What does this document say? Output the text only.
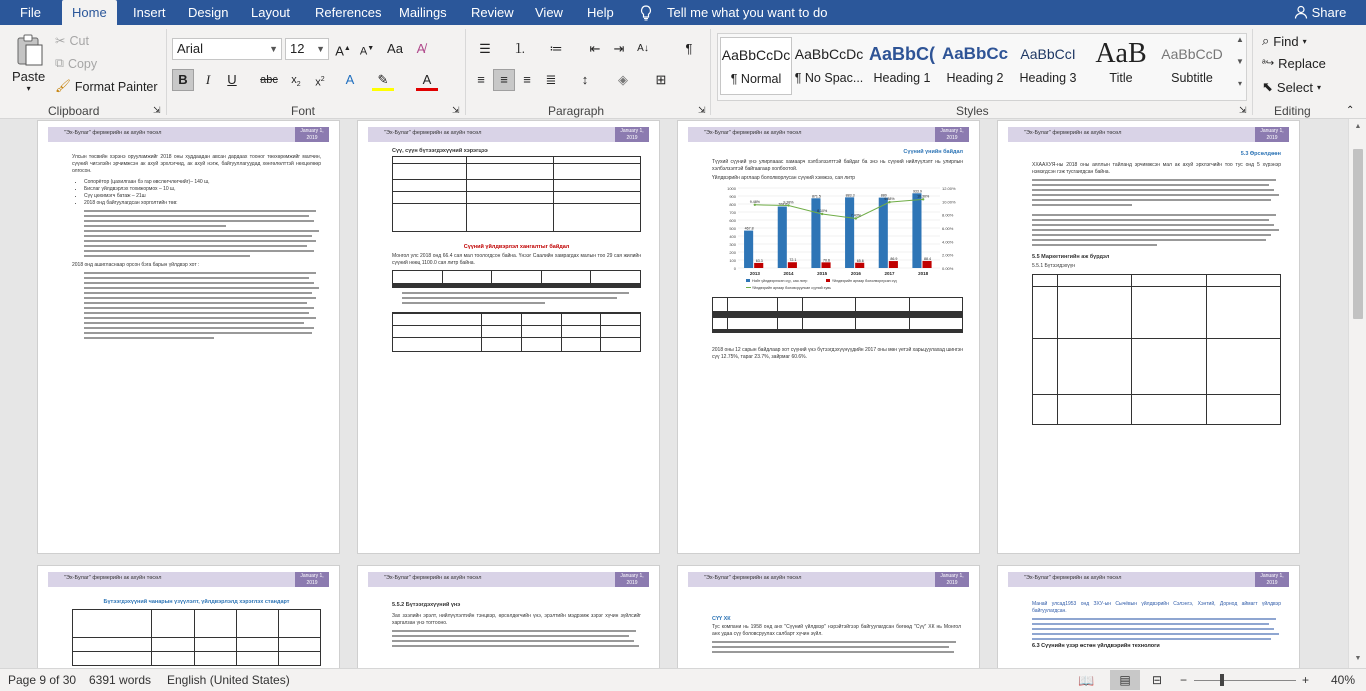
File	Home	Insert Design Layout References Mailings Review View Help	Tell me what you want to do	Share
Paste
▾
✂ Cut
⧉ Copy
🖌 Format Painter
Clipboard	⇲
Arial	▼ 12 ▼ A▲ A▼ Aa	A̸
B	I	U	abc	$x_2$	$x^2$	A	✎	A
Font	⇲
☰	⒈	≔	⇤	⇥	A↓	¶
≡	≡	≡	≣	↕	◈	⊞
Paragraph	⇲
AaBbCcDc
¶ Normal
AaBbCcDc
¶ No Spac...
AaBbC(
Heading 1
AaBbCc
Heading 2
AaBbCcI
Heading 3
AaB
Title
AaBbCcD
Subtitle
▲
▼
▾
Styles	⇲
⌕ Find ▾
ᵃ↪ Replace
⬉ Select ▾
Editing	⌃
"Эх-Булаг" фермерийн ак ахуйн төсөл	January 1, 2019
Улсын төсвийн хэрэнэ орууламжийг 2018 оны худдаадан авсан дардаах тооног төөхөрөмжийг малчин, сүүний чигэлэйн эрчимжсэн ак ахуй эрхлэгчид, ак ахуй нэгж, байгууллагуудад хөнгөлөлттэй нөхцөлөөр олгосон.
• Сопорётор (цахилгаан бэ гар өвслөгчлөгчийг)– 140 ш,
• Бислаг үйлдвэрлэх тохижормох – 10 ш,
• Сүү цөхимэгч батаж – 21ш
• 2018 онд байгуулагдсан хорголтийн төв:
2018 онд ашигласнаар орсон бэга барын үйлдвэр хот :
"Эх-Булаг" фермерийн ак ахуйн төсөл	January 1, 2019
Сүү, сүүн бүтээгдэхүүний хэрэгцээ

Сүүний үйлдвэрлэл хангалтыг байдал
Монгол улс 2018 онд 66.4 сая мал тоологдсон байна. Үнээг Саалийн хамрагдах малын тоо 29 сая жилийн сүүний нөөц 1100.0 сая литр байна.

"Эх-Булаг" фермерийн ак ахуйн төсөл	January 1, 2019
Сүүний үнийн байдал
Түүхий сүүний үнэ улирлааас хамаарч хэлбэлзэлттэй байдаг ба энэ нь сүүний нийлүүлэлт нь улирлын хэлбэлзэлтэй байгаагаар холбоотой.
Үйлдвэрийн арглаар бололворлусан сүүний хэмжээ, сая литр
0
100
200
300
400
500
600
700
800
900
1000
0.00%
2.00%
4.00%
6.00%
8.00%
10.00%
12.00%
467.8
63.3
2013
768.6
72.1
2014
871.5
70.6
2015
883.3
65.6
2016
880
86.9
2017
933.9
88.4
2018
9.48%	9.38%
8.10%
7.43%
9.88%
10.30%
Нийт үйлдвэрлэсэн сүү, сая литр	Үйлдвэрийн аргаар бололворлусан сүү
Үйлдвэрийн аргаар боловсруулсан сүүний хувь

2018 оны 12 сарын байдлаар хот сүүний үнэ бүтээгдэхүүнүүдийн 2017 оны мөн үетэй харьцуулахад шингэн сүү 12.75%, тараг 23.7%, зайрмаг 60.6%.
"Эх-Булаг" фермерийн ак ахуйн төсөл	January 1, 2019
5.3 Өрсөлдөөн
ХХААХУЯ-ны 2018 оны аяллын тайланд эрчимжсэн мал ак ахуй эрхлэгчийн тоо тус онд 5 хүрэнэр нэмэгдсэн гэж тусгаигдсан байна.
5.5 Маркетингийн аж бүрдэл
5.5.1 Бүтээгдэхүүн

"Эх-Булаг" фермерийн ак ахуйн төсөл	January 1, 2019
Бүтээгдэхүүний чанарын үзүүлэлт, үйлдвэрлэлд хэрэглэх стандарт

"Эх-Булаг" фермерийн ак ахуйн төсөл	January 1, 2019
5.5.2 Бүтээгдэхүүний үнэ
Зах зээлийн эрэлт, нийлүүлэлтийн тэнцвэр, өрсөлдөгчийн үнэ, эрэлтийн мэдрэмж зэрэг хүчин зүйлсийг харгалзан үнэ тогтооно.
"Эх-Булаг" фермерийн ак ахуйн төсөл	January 1, 2019
СҮҮ ХК
Тус компани нь 1958 онд анх "Сүүний үйлдвэр" нэрэйтэйгээр байгуулагдсан бөгөөд "Сүү" ХК нь Монгол анх удаа сүү боловсруулах салбарт хүчин зүйл.
"Эх-Булаг" фермерийн ак ахуйн төсөл	January 1, 2019
Манай улсад1953 онд ЗХУ-ын Сычёвын үйлдвэрийн Сэлэнгэ, Хэнтий, Дорнод аймагт үйлдвэр байгуулагдсан.
6.3 Сүүнийн үзэр өстөн үйлдвэрийн технологи
▲
▼
Page 9 of 30 6391 words English (United States)	📖	▤	⊟ −	+ 40%
